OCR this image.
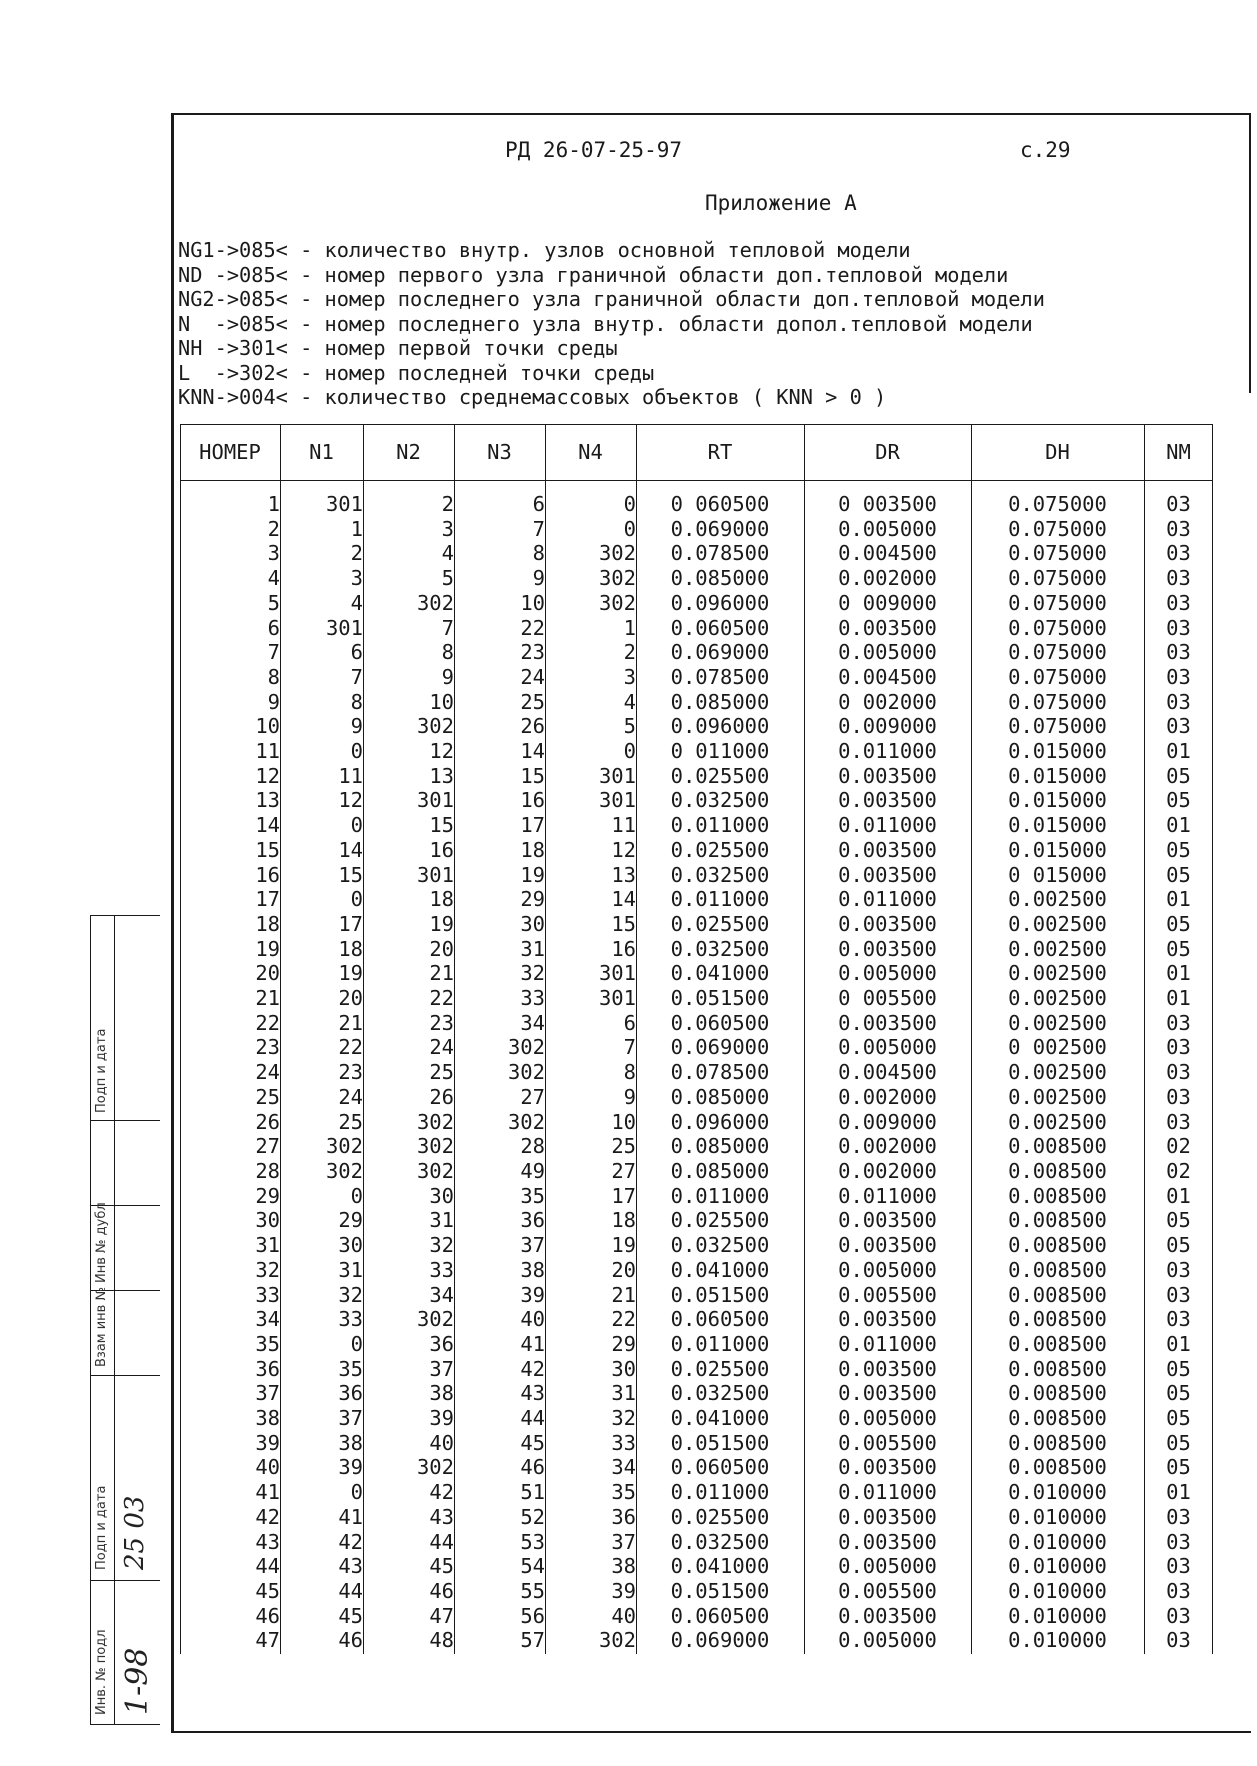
РД 26-07-25-97	с.29
Приложение А
NG1->085< - количество внутр. узлов основной тепловой модели
ND ->085< - номер первого узла граничной области доп.тепловой модели
NG2->085< - номер последнего узла граничной области доп.тепловой модели
N  ->085< - номер последнего узла внутр. области допол.тепловой модели
NH ->301< - номер первой точки среды
L  ->302< - номер последней точки среды
KNN->004< - количество среднемассовых объектов ( KNN > 0 )
НОМЕР	N1	N2	N3	N4	RT	DR	DH	NM

1	301	2	6	0	0 060500	0 003500	0.075000	03
2	1	3	7	0	0.069000	0.005000	0.075000	03
3	2	4	8	302	0.078500	0.004500	0.075000	03
4	3	5	9	302	0.085000	0.002000	0.075000	03
5	4	302	10	302	0.096000	0 009000	0.075000	03
6	301	7	22	1	0.060500	0.003500	0.075000	03
7	6	8	23	2	0.069000	0.005000	0.075000	03
8	7	9	24	3	0.078500	0.004500	0.075000	03
9	8	10	25	4	0.085000	0 002000	0.075000	03
10	9	302	26	5	0.096000	0.009000	0.075000	03
11	0	12	14	0	0 011000	0.011000	0.015000	01
12	11	13	15	301	0.025500	0.003500	0.015000	05
13	12	301	16	301	0.032500	0.003500	0.015000	05
14	0	15	17	11	0.011000	0.011000	0.015000	01
15	14	16	18	12	0.025500	0.003500	0.015000	05
16	15	301	19	13	0.032500	0.003500	0 015000	05
17	0	18	29	14	0.011000	0.011000	0.002500	01
18	17	19	30	15	0.025500	0.003500	0.002500	05
19	18	20	31	16	0.032500	0.003500	0.002500	05
20	19	21	32	301	0.041000	0.005000	0.002500	01
21	20	22	33	301	0.051500	0 005500	0.002500	01
22	21	23	34	6	0.060500	0.003500	0.002500	03
23	22	24	302	7	0.069000	0.005000	0 002500	03
24	23	25	302	8	0.078500	0.004500	0.002500	03
25	24	26	27	9	0.085000	0.002000	0.002500	03
26	25	302	302	10	0.096000	0.009000	0.002500	03
27	302	302	28	25	0.085000	0.002000	0.008500	02
28	302	302	49	27	0.085000	0.002000	0.008500	02
29	0	30	35	17	0.011000	0.011000	0.008500	01
30	29	31	36	18	0.025500	0.003500	0.008500	05
31	30	32	37	19	0.032500	0.003500	0.008500	05
32	31	33	38	20	0.041000	0.005000	0.008500	03
33	32	34	39	21	0.051500	0.005500	0.008500	03
34	33	302	40	22	0.060500	0.003500	0.008500	03
35	0	36	41	29	0.011000	0.011000	0.008500	01
36	35	37	42	30	0.025500	0.003500	0.008500	05
37	36	38	43	31	0.032500	0.003500	0.008500	05
38	37	39	44	32	0.041000	0.005000	0.008500	05
39	38	40	45	33	0.051500	0.005500	0.008500	05
40	39	302	46	34	0.060500	0.003500	0.008500	05
41	0	42	51	35	0.011000	0.011000	0.010000	01
42	41	43	52	36	0.025500	0.003500	0.010000	03
43	42	44	53	37	0.032500	0.003500	0.010000	03
44	43	45	54	38	0.041000	0.005000	0.010000	03
45	44	46	55	39	0.051500	0.005500	0.010000	03
46	45	47	56	40	0.060500	0.003500	0.010000	03
47	46	48	57	302	0.069000	0.005000	0.010000	03
Инв. № подл
Подп и дата
Взам инв №
Инв № дубл
Подп и дата
1-98
25 03
